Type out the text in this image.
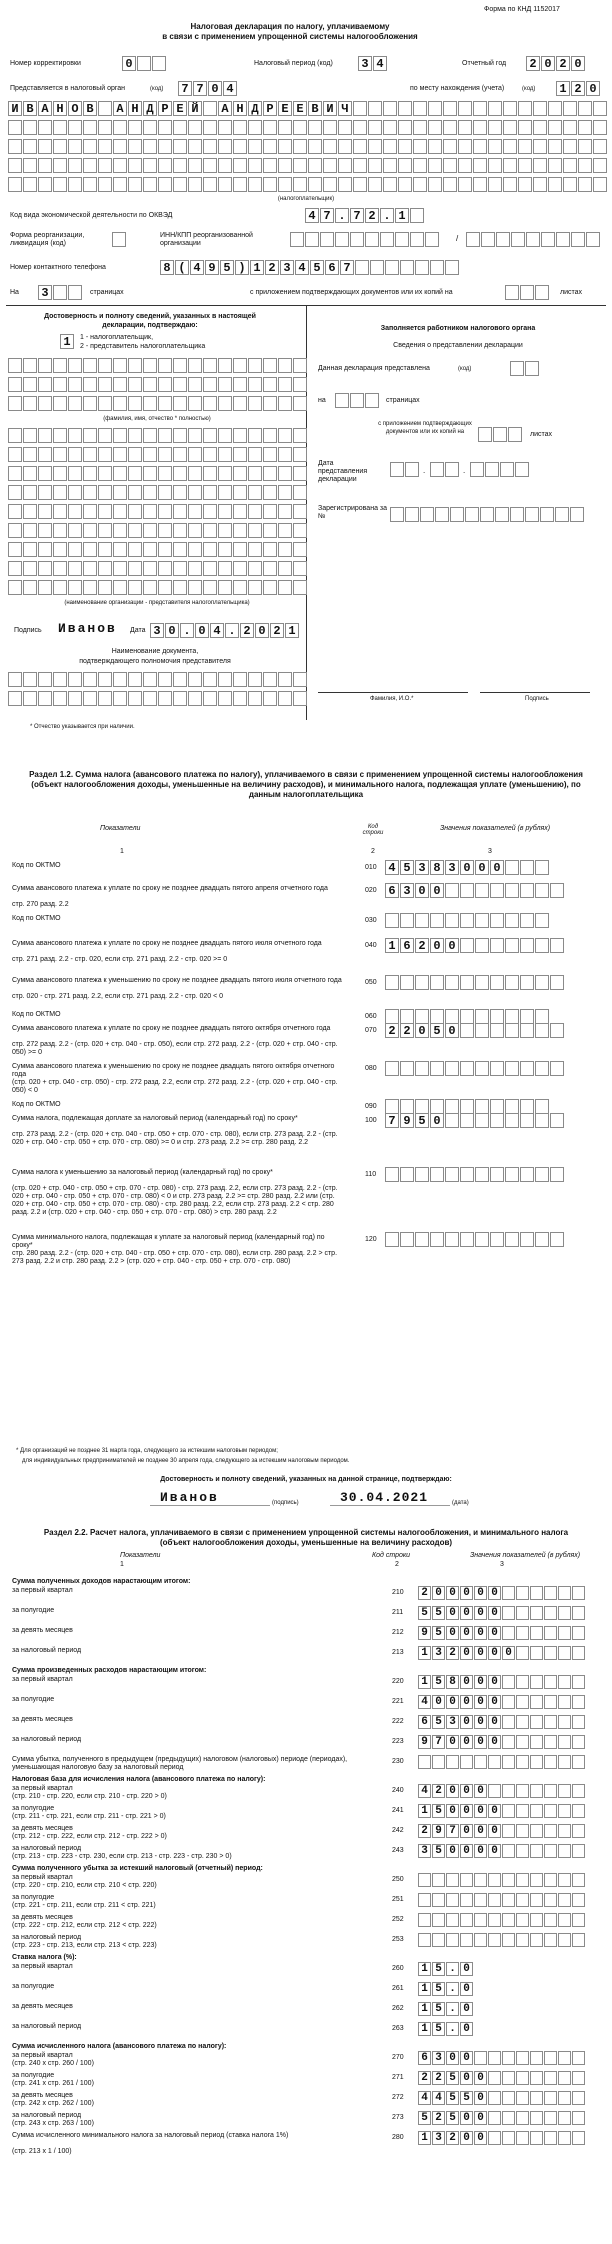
Форма по КНД 1152017
Налоговая декларация по налогу, уплачиваемому
в связи с применением упрощенной системы налогообложения
Номер корректировки	0	Налоговый период (код) 3 4	Отчетный год 2 0 2 0
Представляется в налоговый орган	(код) 7 7 0 4	по месту нахождения (учета)	(код) 1 2 0
И В А Н О В А Н Д Р Е Й А Н Д Р Е Е В И Ч
(налогоплательщик)
Код вида экономической деятельности по ОКВЭД	4 7 . 7 2 . 1
Форма реорганизации, ликвидация (код)
ИНН/КПП реорганизованной организации
/
Номер контактного телефона	8 ( 4 9 5 ) 1 2 3 4 5 6 7
На 3	страницах	с приложением подтверждающих документов или их копий на	листах
Достоверность и полноту сведений, указанных в настоящей декларации, подтверждаю:
1	1 - налогоплательщик,
2 - представитель налогоплательщика
(фамилия, имя, отчество * полностью)
(наименование организации - представителя налогоплательщика)
Подпись Иванов Дата 3 0 . 0 4 . 2 0 2 1
Наименование документа,
подтверждающего полномочия представителя
* Отчество указывается при наличии.
Заполняется работником налогового органа
Сведения о представлении декларации
Данная декларация представлена	(код)
на	страницах
с приложением подтверждающих документов или их копий на	листах
Дата представления декларации
.	.
Зарегистрирована за №
Фамилия, И.О.*	Подпись
Раздел 1.2. Сумма налога (авансового платежа по налогу), уплачиваемого в связи с применением упрощенной системы налогообложения (объект налогообложения доходы, уменьшенные на величину расходов), и минимального налога, подлежащая уплате (уменьшению), по данным налогоплательщика
Показатели	Код строки
Значения показателей (в рублях)
1	2	3
Код по ОКТМО	010 4 5 3 8 3 0 0 0
Сумма авансового платежа к уплате по сроку не позднее двадцать пятого апреля отчетного года
стр. 270 разд. 2.2
020 6 3 0 0
Код по ОКТМО	030
Сумма авансового платежа к уплате по сроку не позднее двадцать пятого июля отчетного года
стр. 271 разд. 2.2 - стр. 020, если стр. 271 разд. 2.2 - стр. 020 >= 0
040 1 6 2 0 0
Сумма авансового платежа к уменьшению по сроку не позднее двадцать пятого июля отчетного года
стр. 020 - стр. 271 разд. 2.2, если стр. 271 разд. 2.2 - стр. 020 < 0
050
Код по ОКТМО	060
Сумма авансового платежа к уплате по сроку не позднее двадцать пятого октября отчетного года
стр. 272 разд. 2.2 - (стр. 020 + стр. 040 - стр. 050), если стр. 272 разд. 2.2 - (стр. 020 + стр. 040 - стр. 050) >= 0
070 2 2 0 5 0
Сумма авансового платежа к уменьшению по сроку не позднее двадцать пятого октября отчетного года
(стр. 020 + стр. 040 - стр. 050) - стр. 272 разд. 2.2, если стр. 272 разд. 2.2 - (стр. 020 + стр. 040 - стр. 050) < 0
080
Код по ОКТМО	090
Сумма налога, подлежащая доплате за налоговый период (календарный год) по сроку*
стр. 273 разд. 2.2 - (стр. 020 + стр. 040 - стр. 050 + стр. 070 - стр. 080), если стр. 273 разд. 2.2 - (стр. 020 + стр. 040 - стр. 050 + стр. 070 - стр. 080) >= 0 и стр. 273 разд. 2.2 >= стр. 280 разд. 2.2
100 7 9 5 0
Сумма налога к уменьшению за налоговый период (календарный год) по сроку*
(стр. 020 + стр. 040 - стр. 050 + стр. 070 - стр. 080) - стр. 273 разд. 2.2, если стр. 273 разд. 2.2 - (стр. 020 + стр. 040 - стр. 050 + стр. 070 - стр. 080) < 0 и стр. 273 разд. 2.2 >= стр. 280 разд. 2.2 или (стр. 020 + стр. 040 - стр. 050 + стр. 070 - стр. 080) - стр. 280 разд. 2.2, если стр. 273 разд. 2.2 < стр. 280 разд. 2.2 и (стр. 020 + стр. 040 - стр. 050 + стр. 070 - стр. 080) > стр. 280 разд. 2.2
110
Сумма минимального налога, подлежащая к уплате за налоговый период (календарный год) по сроку*
стр. 280 разд. 2.2 - (стр. 020 + стр. 040 - стр. 050 + стр. 070 - стр. 080), если стр. 280 разд. 2.2 > стр. 273 разд. 2.2 и стр. 280 разд. 2.2 > (стр. 020 + стр. 040 - стр. 050 + стр. 070 - стр. 080)
120
* Для организаций не позднее 31 марта года, следующего за истекшим налоговым периодом;
для индивидуальных предпринимателей не позднее 30 апреля года, следующего за истекшим налоговым периодом.
Достоверность и полноту сведений, указанных на данной странице, подтверждаю:
Иванов	(подпись)	30.04.2021	(дата)
Раздел 2.2. Расчет налога, уплачиваемого в связи с применением упрощенной системы налогообложения, и минимального налога (объект налогообложения доходы, уменьшенные на величину расходов)
Показатели	Код строки	Значения показателей (в рублях)
1	2	3
Сумма полученных доходов нарастающим итогом:
за первый квартал	210 2 0 0 0 0 0
за полугодие	211 5 5 0 0 0 0
за девять месяцев	212 9 5 0 0 0 0
за налоговый период	213 1 3 2 0 0 0 0
Сумма произведенных расходов нарастающим итогом:
за первый квартал	220 1 5 8 0 0 0
за полугодие	221 4 0 0 0 0 0
за девять месяцев	222 6 5 3 0 0 0
за налоговый период	223 9 7 0 0 0 0
Сумма убытка, полученного в предыдущем (предыдущих) налоговом (налоговых) периоде (периодах), уменьшающая налоговую базу за налоговый период
230
Налоговая база для исчисления налога (авансового платежа по налогу):
за первый квартал
(стр. 210 - стр. 220, если стр. 210 - стр. 220 > 0)
240 4 2 0 0 0
за полугодие
(стр. 211 - стр. 221, если стр. 211 - стр. 221 > 0)
241 1 5 0 0 0 0
за девять месяцев
(стр. 212 - стр. 222, если стр. 212 - стр. 222 > 0)
242 2 9 7 0 0 0
за налоговый период
(стр. 213 - стр. 223 - стр. 230, если стр. 213 - стр. 223 - стр. 230 > 0)
243 3 5 0 0 0 0
Сумма полученного убытка за истекший налоговый (отчетный) период:
за первый квартал
(стр. 220 - стр. 210, если стр. 210 < стр. 220)
250
за полугодие
(стр. 221 - стр. 211, если стр. 211 < стр. 221)
251
за девять месяцев
(стр. 222 - стр. 212, если стр. 212 < стр. 222)
252
за налоговый период
(стр. 223 - стр. 213, если стр. 213 < стр. 223)
253
Ставка налога (%):
за первый квартал	260 1 5 . 0
за полугодие	261 1 5 . 0
за девять месяцев	262 1 5 . 0
за налоговый период	263 1 5 . 0
Сумма исчисленного налога (авансового платежа по налогу):
за первый квартал
(стр. 240 х стр. 260 / 100)
270 6 3 0 0
за полугодие
(стр. 241 х стр. 261 / 100)
271 2 2 5 0 0
за девять месяцев
(стр. 242 х стр. 262 / 100)
272 4 4 5 5 0
за налоговый период
(стр. 243 х стр. 263 / 100)
273 5 2 5 0 0
Сумма исчисленного минимального налога за налоговый период (ставка налога 1%)
(стр. 213 х 1 / 100)
280 1 3 2 0 0
